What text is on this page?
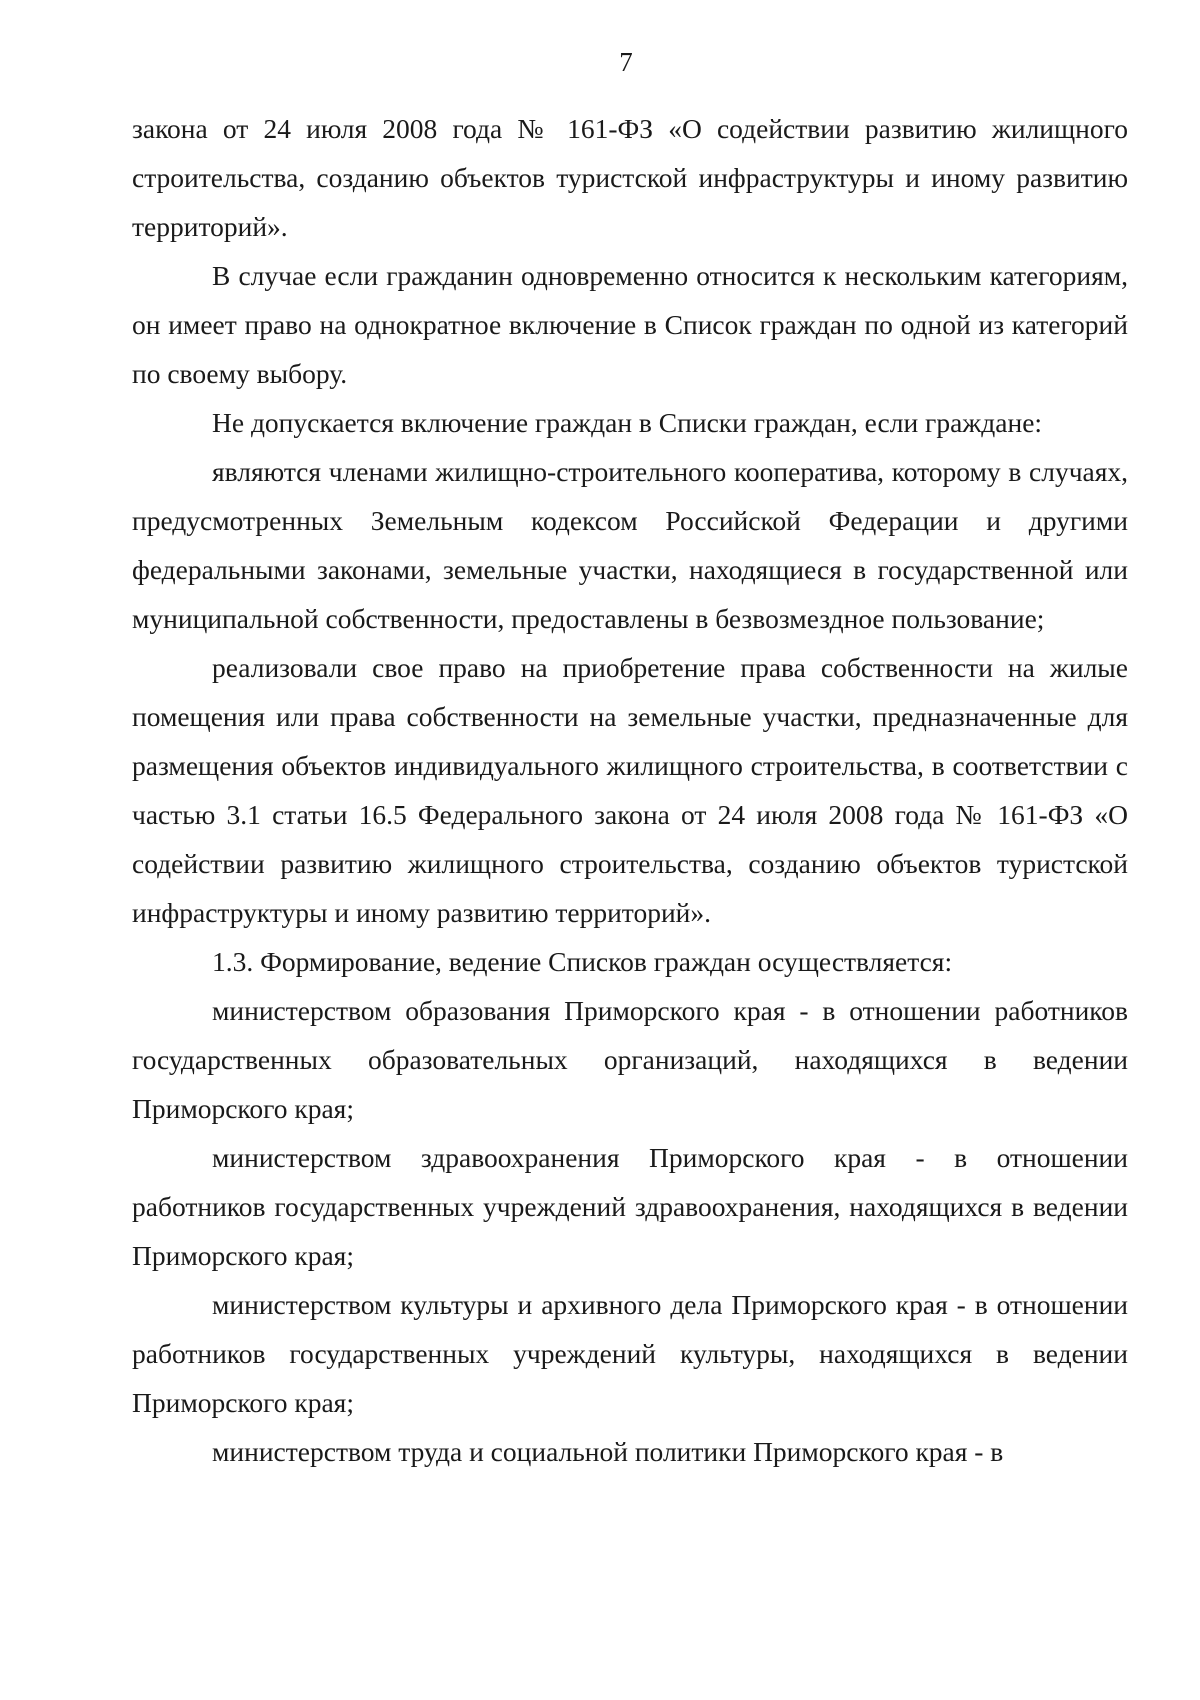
7

закона от 24 июля 2008 года № 161-ФЗ «О содействии развитию жилищного строительства, созданию объектов туристской инфраструктуры и иному развитию территорий».

В случае если гражданин одновременно относится к нескольким категориям, он имеет право на однократное включение в Список граждан по одной из категорий по своему выбору.

Не допускается включение граждан в Списки граждан, если граждане:

являются членами жилищно-строительного кооператива, которому в случаях, предусмотренных Земельным кодексом Российской Федерации и другими федеральными законами, земельные участки, находящиеся в государственной или муниципальной собственности, предоставлены в безвозмездное пользование;

реализовали свое право на приобретение права собственности на жилые помещения или права собственности на земельные участки, предназначенные для размещения объектов индивидуального жилищного строительства, в соответствии с частью 3.1 статьи 16.5 Федерального закона от 24 июля 2008 года № 161-ФЗ «О содействии развитию жилищного строительства, созданию объектов туристской инфраструктуры и иному развитию территорий».

1.3. Формирование, ведение Списков граждан осуществляется:

министерством образования Приморского края - в отношении работников государственных образовательных организаций, находящихся в ведении Приморского края;

министерством здравоохранения Приморского края - в отношении работников государственных учреждений здравоохранения, находящихся в ведении Приморского края;

министерством культуры и архивного дела Приморского края - в отношении работников государственных учреждений культуры, находящихся в ведении Приморского края;

министерством труда и социальной политики Приморского края - в
